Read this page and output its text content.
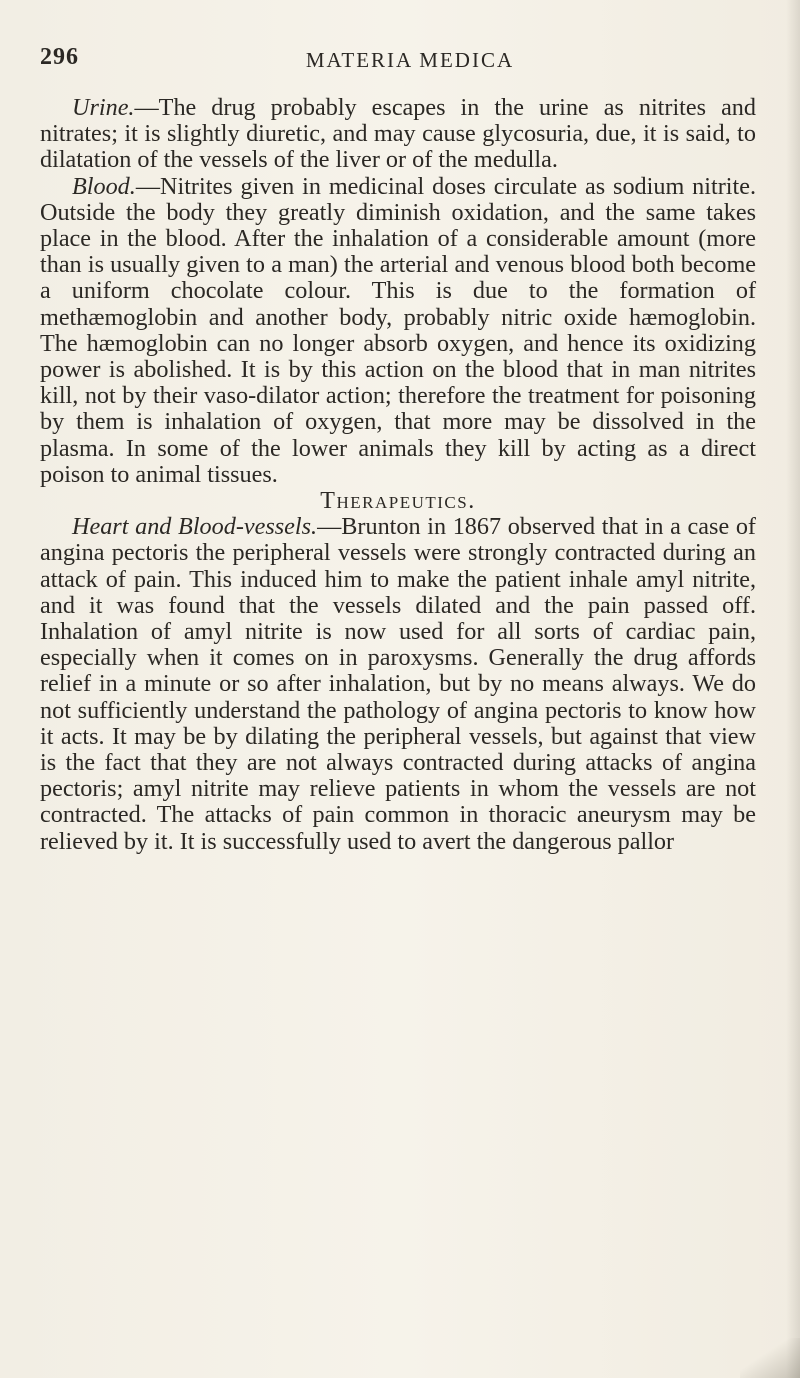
296	MATERIA MEDICA

Urine.—The drug probably escapes in the urine as nitrites and nitrates; it is slightly diuretic, and may cause glycosuria, due, it is said, to dilatation of the vessels of the liver or of the medulla.

Blood.—Nitrites given in medicinal doses circulate as sodium nitrite. Outside the body they greatly diminish oxidation, and the same takes place in the blood. After the inhalation of a considerable amount (more than is usually given to a man) the arterial and venous blood both become a uniform chocolate colour. This is due to the formation of methæmoglobin and another body, probably nitric oxide hæmoglobin. The hæmoglobin can no longer absorb oxygen, and hence its oxidizing power is abolished. It is by this action on the blood that in man nitrites kill, not by their vaso-dilator action; therefore the treatment for poisoning by them is inhalation of oxygen, that more may be dissolved in the plasma. In some of the lower animals they kill by acting as a direct poison to animal tissues.

Therapeutics.

Heart and Blood-vessels.—Brunton in 1867 observed that in a case of angina pectoris the peripheral vessels were strongly contracted during an attack of pain. This induced him to make the patient inhale amyl nitrite, and it was found that the vessels dilated and the pain passed off. Inhalation of amyl nitrite is now used for all sorts of cardiac pain, especially when it comes on in paroxysms. Generally the drug affords relief in a minute or so after inhalation, but by no means always. We do not sufficiently understand the pathology of angina pectoris to know how it acts. It may be by dilating the peripheral vessels, but against that view is the fact that they are not always contracted during attacks of angina pectoris; amyl nitrite may relieve patients in whom the vessels are not contracted. The attacks of pain common in thoracic aneurysm may be relieved by it. It is successfully used to avert the dangerous pallor
